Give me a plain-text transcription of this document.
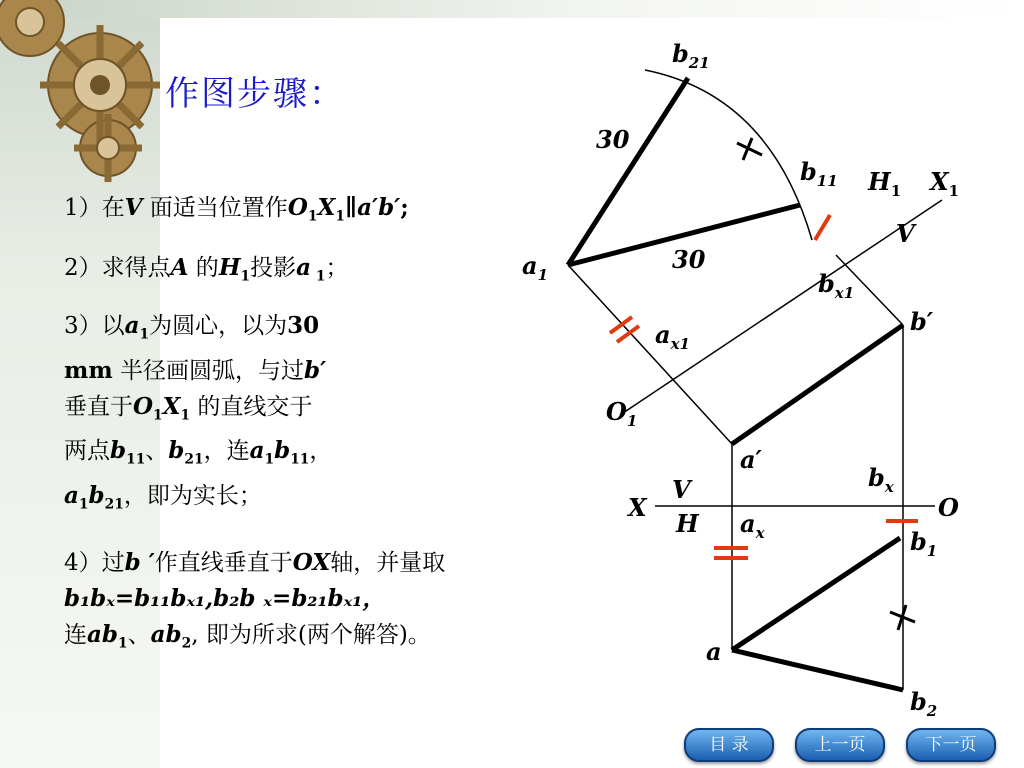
作图步骤：
1）在V 面适当位置作$O_1X_1\parallel a'b'$;
2）求得点A 的$H_1$投影a $_1$；
3）以$a_1$为圆心，以为30
mm 半径画圆弧，与过b′
垂直于$O_1X_1$ 的直线交于
两点$b_{11}$、$b_{21}$，连$a_1b_{11}$，
$a_1b_{21}$，即为实长；
4）过b ′作直线垂直于OX轴，并量取
b₁bₓ=b₁₁bₓ₁,b₂b ₓ=b₂₁bₓ₁，
连$ab_1$、$ab_2$, 即为所求(两个解答)。
$b_{21}$
30
$b_{11}$ $H_1$ $X_1$
V
30
$a_1$	$b_{x1}$
b′
$a_{x1}$
$O_1$
a′
$b_x$
X
V
H
O
$a_x$	$b_1$
a
$b_2$
目 录	上一页	下一页
